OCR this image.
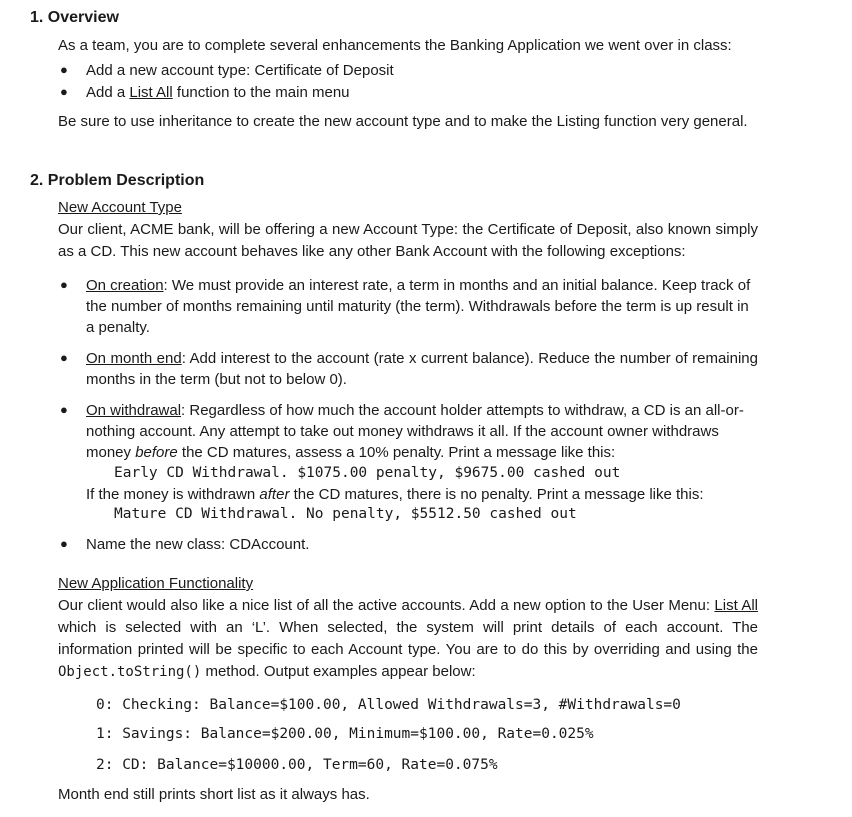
1. Overview
As a team, you are to complete several enhancements the Banking Application we went over in class:
● Add a new account type: Certificate of Deposit
● Add a List All function to the main menu
Be sure to use inheritance to create the new account type and to make the Listing function very general.
2. Problem Description
New Account Type
Our client, ACME bank, will be offering a new Account Type: the Certificate of Deposit, also known simply as a CD. This new account behaves like any other Bank Account with the following exceptions:
● On creation: We must provide an interest rate, a term in months and an initial balance. Keep track of the number of months remaining until maturity (the term). Withdrawals before the term is up result in a penalty.
● On month end: Add interest to the account (rate x current balance). Reduce the number of remaining months in the term (but not to below 0).
● On withdrawal: Regardless of how much the account holder attempts to withdraw, a CD is an all-or-nothing account. Any attempt to take out money withdraws it all. If the account owner withdraws money before the CD matures, assess a 10% penalty. Print a message like this:
Early CD Withdrawal. $1075.00 penalty, $9675.00 cashed out
If the money is withdrawn after the CD matures, there is no penalty. Print a message like this:
Mature CD Withdrawal. No penalty, $5512.50 cashed out
● Name the new class: CDAccount.
New Application Functionality
Our client would also like a nice list of all the active accounts. Add a new option to the User Menu: List All which is selected with an ‘L’. When selected, the system will print details of each account. The information printed will be specific to each Account type. You are to do this by overriding and using the Object.toString() method. Output examples appear below:
0: Checking: Balance=$100.00, Allowed Withdrawals=3, #Withdrawals=0
1: Savings: Balance=$200.00, Minimum=$100.00, Rate=0.025%
2: CD: Balance=$10000.00, Term=60, Rate=0.075%
Month end still prints short list as it always has.
